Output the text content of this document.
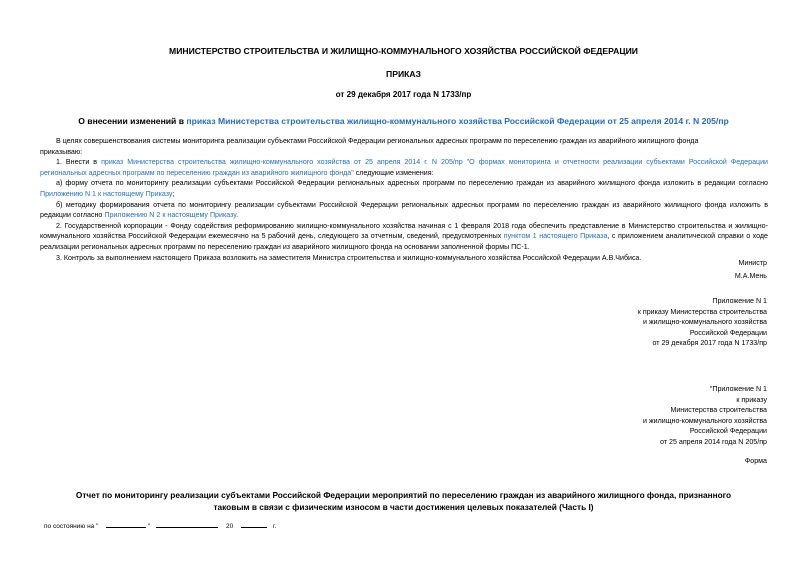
МИНИСТЕРСТВО СТРОИТЕЛЬСТВА И ЖИЛИЩНО-КОММУНАЛЬНОГО ХОЗЯЙСТВА РОССИЙСКОЙ ФЕДЕРАЦИИ
ПРИКАЗ
от 29 декабря 2017 года N 1733/пр
О внесении изменений в приказ Министерства строительства жилищно-коммунального хозяйства Российской Федерации от 25 апреля 2014 г. N 205/пр
В целях совершенствования системы мониторинга реализации субъектами Российской Федерации региональных адресных программ по переселению граждан из аварийного жилищного фонда
приказываю:
1. Внести в приказ Министерства строительства жилищно-коммунального хозяйства от 25 апреля 2014 г. N 205/пр "О формах мониторинга и отчетности реализации субъектами Российской Федерации региональных адресных программ по переселению граждан из аварийного жилищного фонда" следующие изменения:
а) форму отчета по мониторингу реализации субъектами Российской Федерации региональных адресных программ по переселению граждан из аварийного жилищного фонда изложить в редакции согласно Приложению N 1 к настоящему Приказу;
б) методику формирования отчета по мониторингу реализации субъектами Российской Федерации региональных адресных программ по переселению граждан из аварийного жилищного фонда изложить в редакции согласно Приложению N 2 к настоящему Приказу.
2. Государственной корпорации - Фонду содействия реформированию жилищно-коммунального хозяйства начиная с 1 февраля 2018 года обеспечить представление в Министерство строительства и жилищно-коммунального хозяйства Российской Федерации ежемесячно на 5 рабочий день, следующего за отчетным, сведений, предусмотренных пунктом 1 настоящего Приказа, с приложением аналитической справки о ходе реализации региональных адресных программ по переселению граждан из аварийного жилищного фонда на основании заполненной формы ПС-1.
3. Контроль за выполнением настоящего Приказа возложить на заместителя Министра строительства и жилищно-коммунального хозяйства Российской Федерации А.В.Чибиса.
Министр
М.А.Мень
Приложение N 1
к приказу Министерства строительства
и жилищно-коммунального хозяйства
Российской Федерации
от 29 декабря 2017 года N 1733/пр
"Приложение N 1
к приказу
Министерства строительства
и жилищно-коммунального хозяйства
Российской Федерации
от 25 апреля 2014 года N 205/пр
Форма
Отчет по мониторингу реализации субъектами Российской Федерации мероприятий по переселению граждан из аварийного жилищного фонда, признанного
таковым в связи с физическим износом в части достижения целевых показателей (Часть I)
по состоянию на "	"	20	г.
